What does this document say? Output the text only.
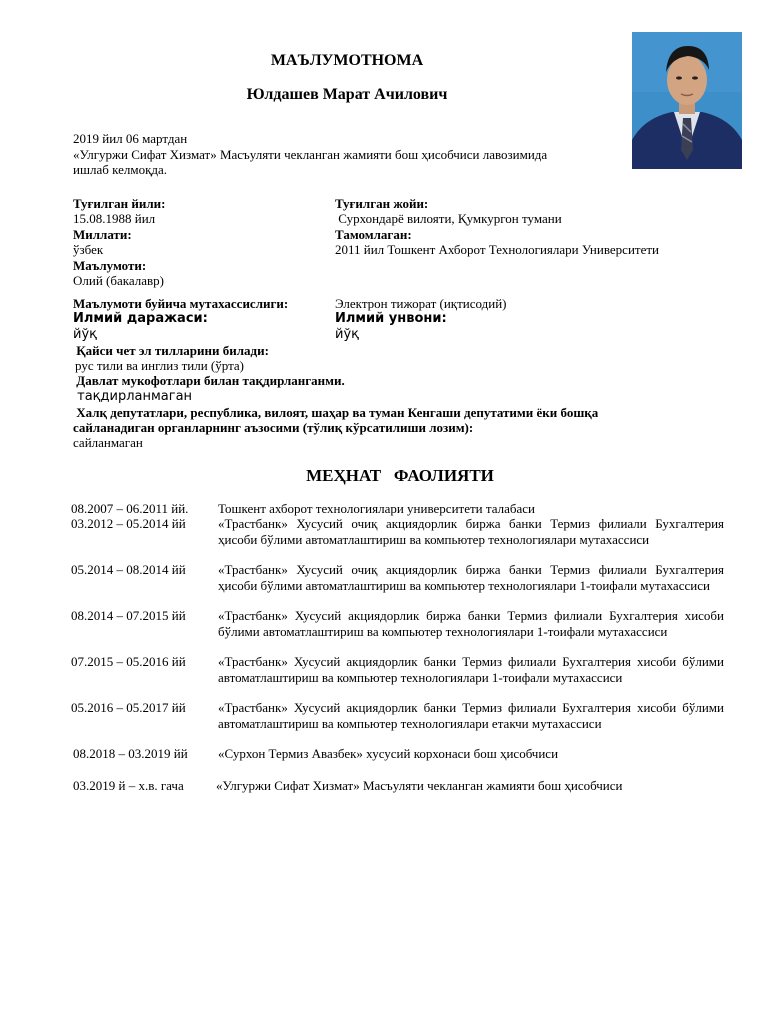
МАЪЛУМОТНОМА
Юлдашев Марат Ачилович
2019 йил 06 мартдан
«Улгуржи Сифат Хизмат» Масъуляти чекланган жамияти бош ҳисобчиси лавозимида
ишлаб келмоқда.
Туғилган йили:
15.08.1988 йил
Миллати:
ўзбек
Маълумоти:
Олий (бакалавр)
Туғилган жойи:
Сурхондарё вилояти, Қумкургон тумани
Тамомлаган:
2011 йил Тошкент Ахборот Технологиялари Университети
Маълумоти буйича мутахассислиги:	Электрон тижорат (иқтисодий)
Илмий даражаси:
йўқ
Илмий унвони:
йўқ
Қайси чет эл тилларини билади:
рус тили ва инглиз тили (ўрта)
Давлат мукофотлари билан тақдирланганми.
тақдирланмаган
Халқ депутатлари, республика, вилоят, шаҳар ва туман Кенгаши депутатими ёки бошқа
сайланадиган органларнинг аъзосими (тўлиқ кўрсатилиши лозим):
сайланмаган
МЕҲНАТ   ФАОЛИЯТИ
08.2007 – 06.2011 йй.	Тошкент ахборот технологиялари университети талабаси
03.2012 – 05.2014 йй	«Трастбанк» Хусусий очиқ акциядорлик биржа банки Термиз филиали Бухгалтерия ҳисоби бўлими автоматлаштириш ва компьютер технологиялари мутахассиси
05.2014 – 08.2014 йй	«Трастбанк» Хусусий очиқ акциядорлик биржа банки Термиз филиали Бухгалтерия ҳисоби бўлими автоматлаштириш ва компьютер технологиялари 1-тоифали мутахассиси
08.2014 – 07.2015 йй	«Трастбанк» Хусусий акциядорлик биржа банки Термиз филиали Бухгалтерия хисоби бўлими автоматлаштириш ва компьютер технологиялари 1-тоифали мутахассиси
07.2015 – 05.2016 йй	«Трастбанк» Хусусий акциядорлик банки Термиз филиали Бухгалтерия хисоби бўлими автоматлаштириш ва компьютер технологиялари 1-тоифали мутахассиси
05.2016 – 05.2017 йй	«Трастбанк» Хусусий акциядорлик банки Термиз филиали Бухгалтерия хисоби бўлими автоматлаштириш ва компьютер технологиялари етакчи мутахассиси
08.2018 – 03.2019 йй	«Сурхон Термиз Авазбек» хусусий корхонаси бош ҳисобчиси
03.2019 й – х.в. гача	«Улгуржи Сифат Хизмат» Масъуляти чекланган жамияти бош ҳисобчиси
